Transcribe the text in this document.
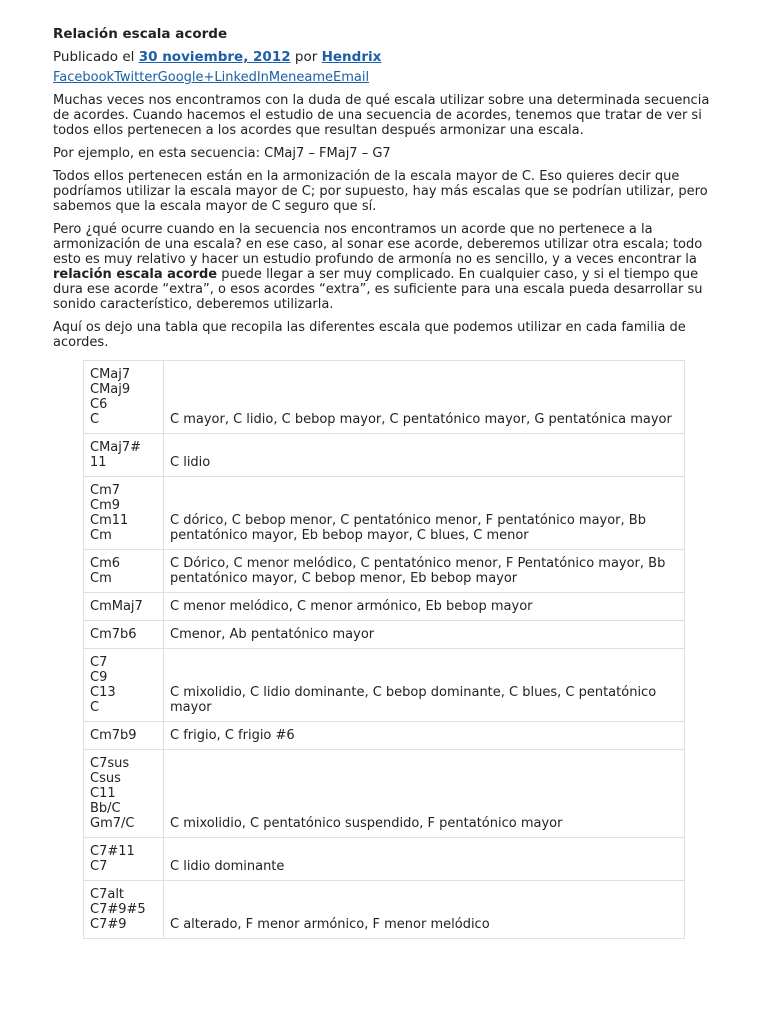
Relación escala acorde
Publicado el 30 noviembre, 2012 por Hendrix
FacebookTwitterGoogle+LinkedInMeneameEmail

Muchas veces nos encontramos con la duda de qué escala utilizar sobre una determinada secuencia de acordes. Cuando hacemos el estudio de una secuencia de acordes, tenemos que tratar de ver si todos ellos pertenecen a los acordes que resultan después armonizar una escala.

Por ejemplo, en esta secuencia: CMaj7 – FMaj7 – G7

Todos ellos pertenecen están en la armonización de la escala mayor de C. Eso quieres decir que podríamos utilizar la escala mayor de C; por supuesto, hay más escalas que se podrían utilizar, pero sabemos que la escala mayor de C seguro que sí.

Pero ¿qué ocurre cuando en la secuencia nos encontramos un acorde que no pertenece a la armonización de una escala? en ese caso, al sonar ese acorde, deberemos utilizar otra escala; todo esto es muy relativo y hacer un estudio profundo de armonía no es sencillo, y a veces encontrar la relación escala acorde puede llegar a ser muy complicado. En cualquier caso, y si el tiempo que dura ese acorde “extra”, o esos acordes “extra”, es suficiente para una escala pueda desarrollar su sonido característico, deberemos utilizarla.

Aquí os dejo una tabla que recopila las diferentes escala que podemos utilizar en cada familia de acordes.

CMaj7
CMaj9
C6
C	C mayor, C lidio, C bebop mayor, C pentatónico mayor, G pentatónica mayor

CMaj7#
11	C lidio

Cm7
Cm9
Cm11
Cm	C dórico, C bebop menor, C pentatónico menor, F pentatónico mayor, Bb pentatónico mayor, Eb bebop mayor, C blues, C menor

Cm6
Cm	C Dórico, C menor melódico, C pentatónico menor, F Pentatónico mayor, Bb pentatónico mayor, C bebop menor, Eb bebop mayor

CmMaj7	C menor melódico, C menor armónico, Eb bebop mayor

Cm7b6	Cmenor, Ab pentatónico mayor

C7
C9
C13
C	C mixolidio, C lidio dominante, C bebop dominante, C blues, C pentatónico mayor

Cm7b9	C frigio, C frigio #6

C7sus
Csus
C11
Bb/C
Gm7/C	C mixolidio, C pentatónico suspendido, F pentatónico mayor

C7#11
C7	C lidio dominante

C7alt
C7#9#5
C7#9	C alterado, F menor armónico, F menor melódico
